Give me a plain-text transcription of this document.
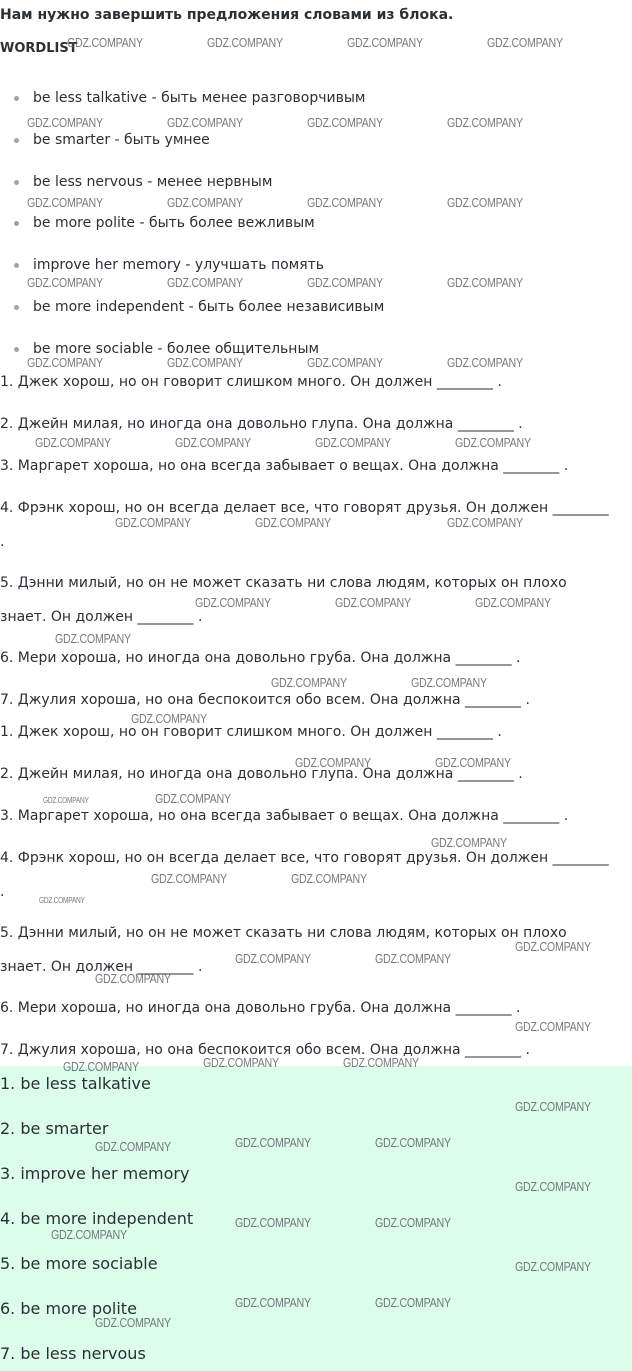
Нам нужно завершить предложения словами из блока.
WORDLIST
be less talkative - быть менее разговорчивым
be smarter - быть умнее
be less nervous - менее нервным
be more polite - быть более вежливым
improve her memory - улучшать помять
be more independent - быть более независивым
be more sociable - более общительным
1. Джек хорош, но он говорит слишком много. Он должен ________ .
2. Джейн милая, но иногда она довольно глупа. Она должна ________ .
3. Маргарет хороша, но она всегда забывает о вещах. Она должна ________ .
4. Фрэнк хорош, но он всегда делает все, что говорят друзья. Он должен ________ .
5. Дэнни милый, но он не может сказать ни слова людям, которых он плохо знает. Он должен ________ .
6. Мери хороша, но иногда она довольно груба. Она должна ________ .
7. Джулия хороша, но она беспокоится обо всем. Она должна ________ .
1. Джек хорош, но он говорит слишком много. Он должен ________ .
2. Джейн милая, но иногда она довольно глупа. Она должна ________ .
3. Маргарет хороша, но она всегда забывает о вещах. Она должна ________ .
4. Фрэнк хорош, но он всегда делает все, что говорят друзья. Он должен ________ .
5. Дэнни милый, но он не может сказать ни слова людям, которых он плохо знает. Он должен ________ .
6. Мери хороша, но иногда она довольно груба. Она должна ________ .
7. Джулия хороша, но она беспокоится обо всем. Она должна ________ .
1. be less talkative
2. be smarter
3. improve her memory
4. be more independent
5. be more sociable
6. be more polite
7. be less nervous
GDZ.COMPANY	GDZ.COMPANY	GDZ.COMPANY	GDZ.COMPANY
GDZ.COMPANY	GDZ.COMPANY	GDZ.COMPANY	GDZ.COMPANY
GDZ.COMPANY	GDZ.COMPANY	GDZ.COMPANY	GDZ.COMPANY
GDZ.COMPANY	GDZ.COMPANY	GDZ.COMPANY	GDZ.COMPANY
GDZ.COMPANY	GDZ.COMPANY	GDZ.COMPANY	GDZ.COMPANY
GDZ.COMPANY	GDZ.COMPANY	GDZ.COMPANY	GDZ.COMPANY
GDZ.COMPANY	GDZ.COMPANY	GDZ.COMPANY
GDZ.COMPANY	GDZ.COMPANY	GDZ.COMPANY
GDZ.COMPANY
GDZ.COMPANY	GDZ.COMPANY
GDZ.COMPANY
GDZ.COMPANY	GDZ.COMPANY
GDZ.COMPANY	GDZ.COMPANY
GDZ.COMPANY
GDZ.COMPANY	GDZ.COMPANY
GDZ.COMPANY
GDZ.COMPANY
GDZ.COMPANY	GDZ.COMPANY
GDZ.COMPANY
GDZ.COMPANY
GDZ.COMPANY	GDZ.COMPANY	GDZ.COMPANY
GDZ.COMPANY
GDZ.COMPANY	GDZ.COMPANY	GDZ.COMPANY
GDZ.COMPANY
GDZ.COMPANY	GDZ.COMPANY
GDZ.COMPANY
GDZ.COMPANY
GDZ.COMPANY	GDZ.COMPANY
GDZ.COMPANY
